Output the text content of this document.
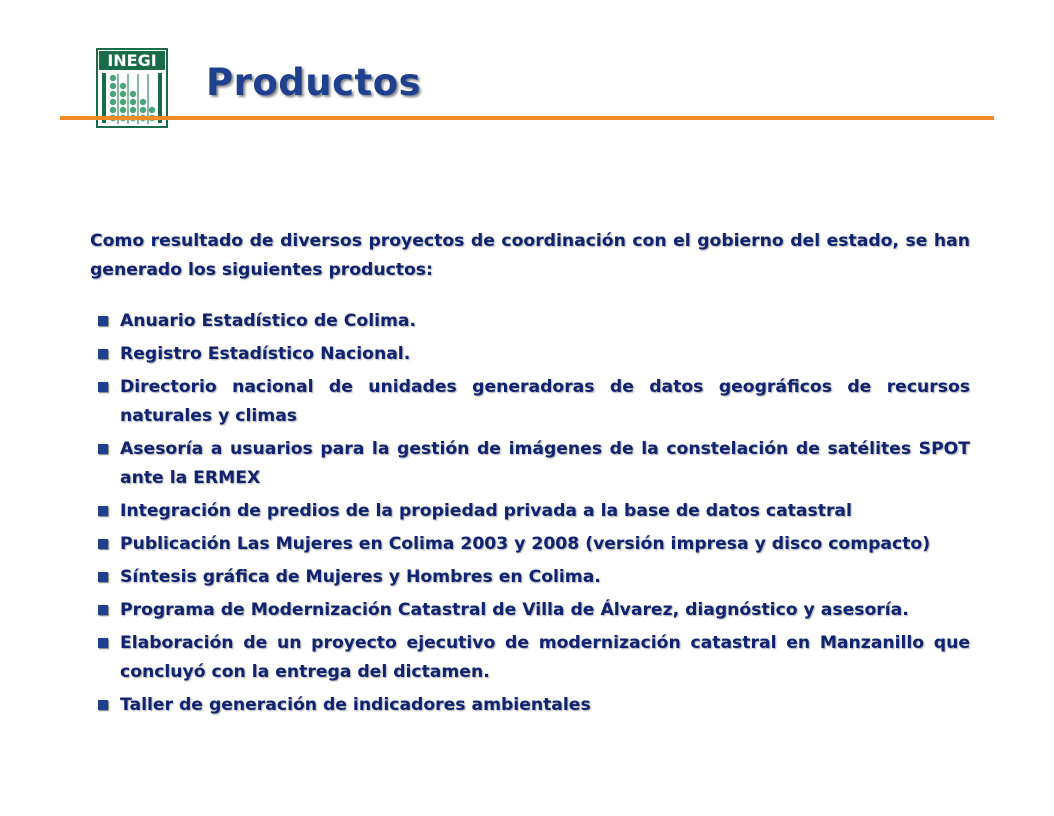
INEGI
Productos

Como resultado de diversos proyectos de coordinación con el gobierno del estado, se han generado los siguientes productos:

Anuario Estadístico de Colima.
Registro Estadístico Nacional.
Directorio nacional de unidades generadoras de datos geográficos de recursos naturales y climas
Asesoría a usuarios para la gestión de imágenes de la constelación de satélites SPOT ante la ERMEX
Integración de predios de la propiedad privada a la base de datos catastral
Publicación Las Mujeres en Colima 2003 y 2008 (versión impresa y disco compacto)
Síntesis gráfica de Mujeres y Hombres en Colima.
Programa de Modernización Catastral de Villa de Álvarez, diagnóstico y asesoría.
Elaboración de un proyecto ejecutivo de modernización catastral en Manzanillo que concluyó con la entrega del dictamen.
Taller de generación de indicadores ambientales
